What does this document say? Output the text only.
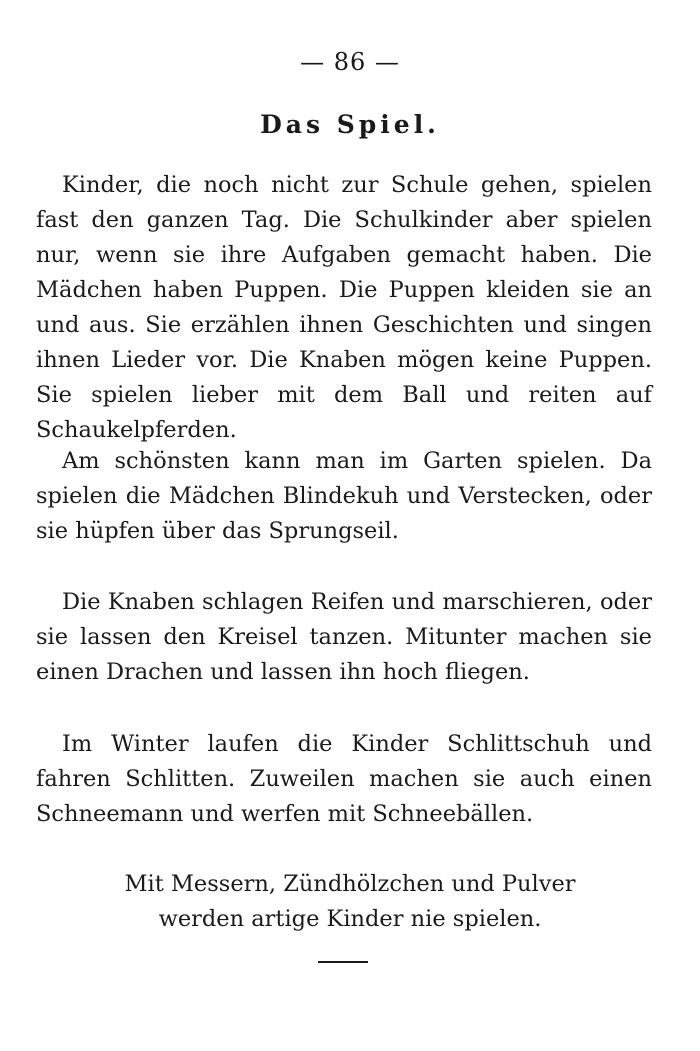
— 86 —
Das Spiel.

Kinder, die noch nicht zur Schule gehen, spielen fast den ganzen Tag. Die Schulkinder aber spielen nur, wenn sie ihre Aufgaben gemacht haben. Die Mädchen haben Puppen. Die Puppen kleiden sie an und aus. Sie erzählen ihnen Geschichten und singen ihnen Lieder vor. Die Knaben mögen keine Puppen. Sie spielen lieber mit dem Ball und reiten auf Schaukelpferden.

Am schönsten kann man im Garten spielen. Da spielen die Mädchen Blindekuh und Verstecken, oder sie hüpfen über das Sprungseil.

Die Knaben schlagen Reifen und marschieren, oder sie lassen den Kreisel tanzen. Mitunter machen sie einen Drachen und lassen ihn hoch fliegen.

Im Winter laufen die Kinder Schlittschuh und fahren Schlitten. Zuweilen machen sie auch einen Schneemann und werfen mit Schneebällen.

Mit Messern, Zündhölzchen und Pulver
werden artige Kinder nie spielen.
